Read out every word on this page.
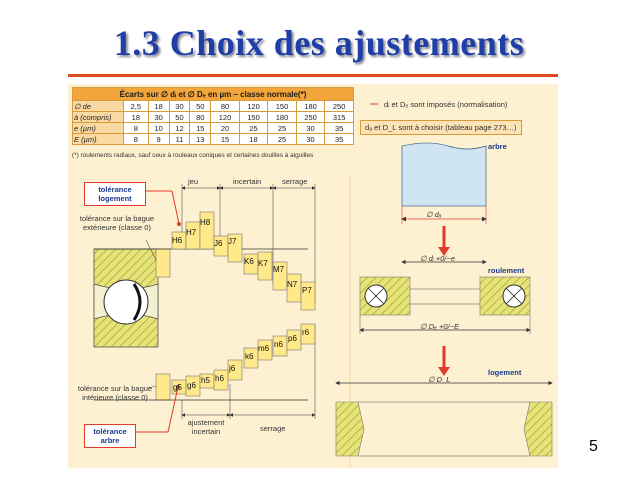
1.3 Choix des ajustements
Écarts sur ∅ dᵢ et ∅ Dₑ en µm – classe normale(*)									
∅ de	2,5	18	30	50	80	120	150	180	250
à (compris)	18	30	50	80	120	150	180	250	315
e (µm)	8	10	12	15	20	25	25	30	35
E (µm)	8	9	11	13	15	18	25	30	35
(*) roulements radiaux, sauf ceux à rouleaux coniques et certaines douilles à aiguilles
dᵢ et Dₑ sont imposés (normalisation)
dₐ et D_L sont à choisir (tableau page 273…)
tolérance logement
tolérance sur la bague extérieure (classe 0)
tolérance sur la bague intérieure (classe 0)
tolérance arbre
jeu	incertain	serrage
ajustement incertain	serrage
H6
H7
H8
J6 J7
K6 K7
M7
N7
P7
g5 g6
h5 h6
j6
k6
m6 n6
p6
r6
arbre
roulement
logement
∅ dₐ
∅ dᵢ +0/−e
∅ Dₑ +0/−E
∅ D_L
5
